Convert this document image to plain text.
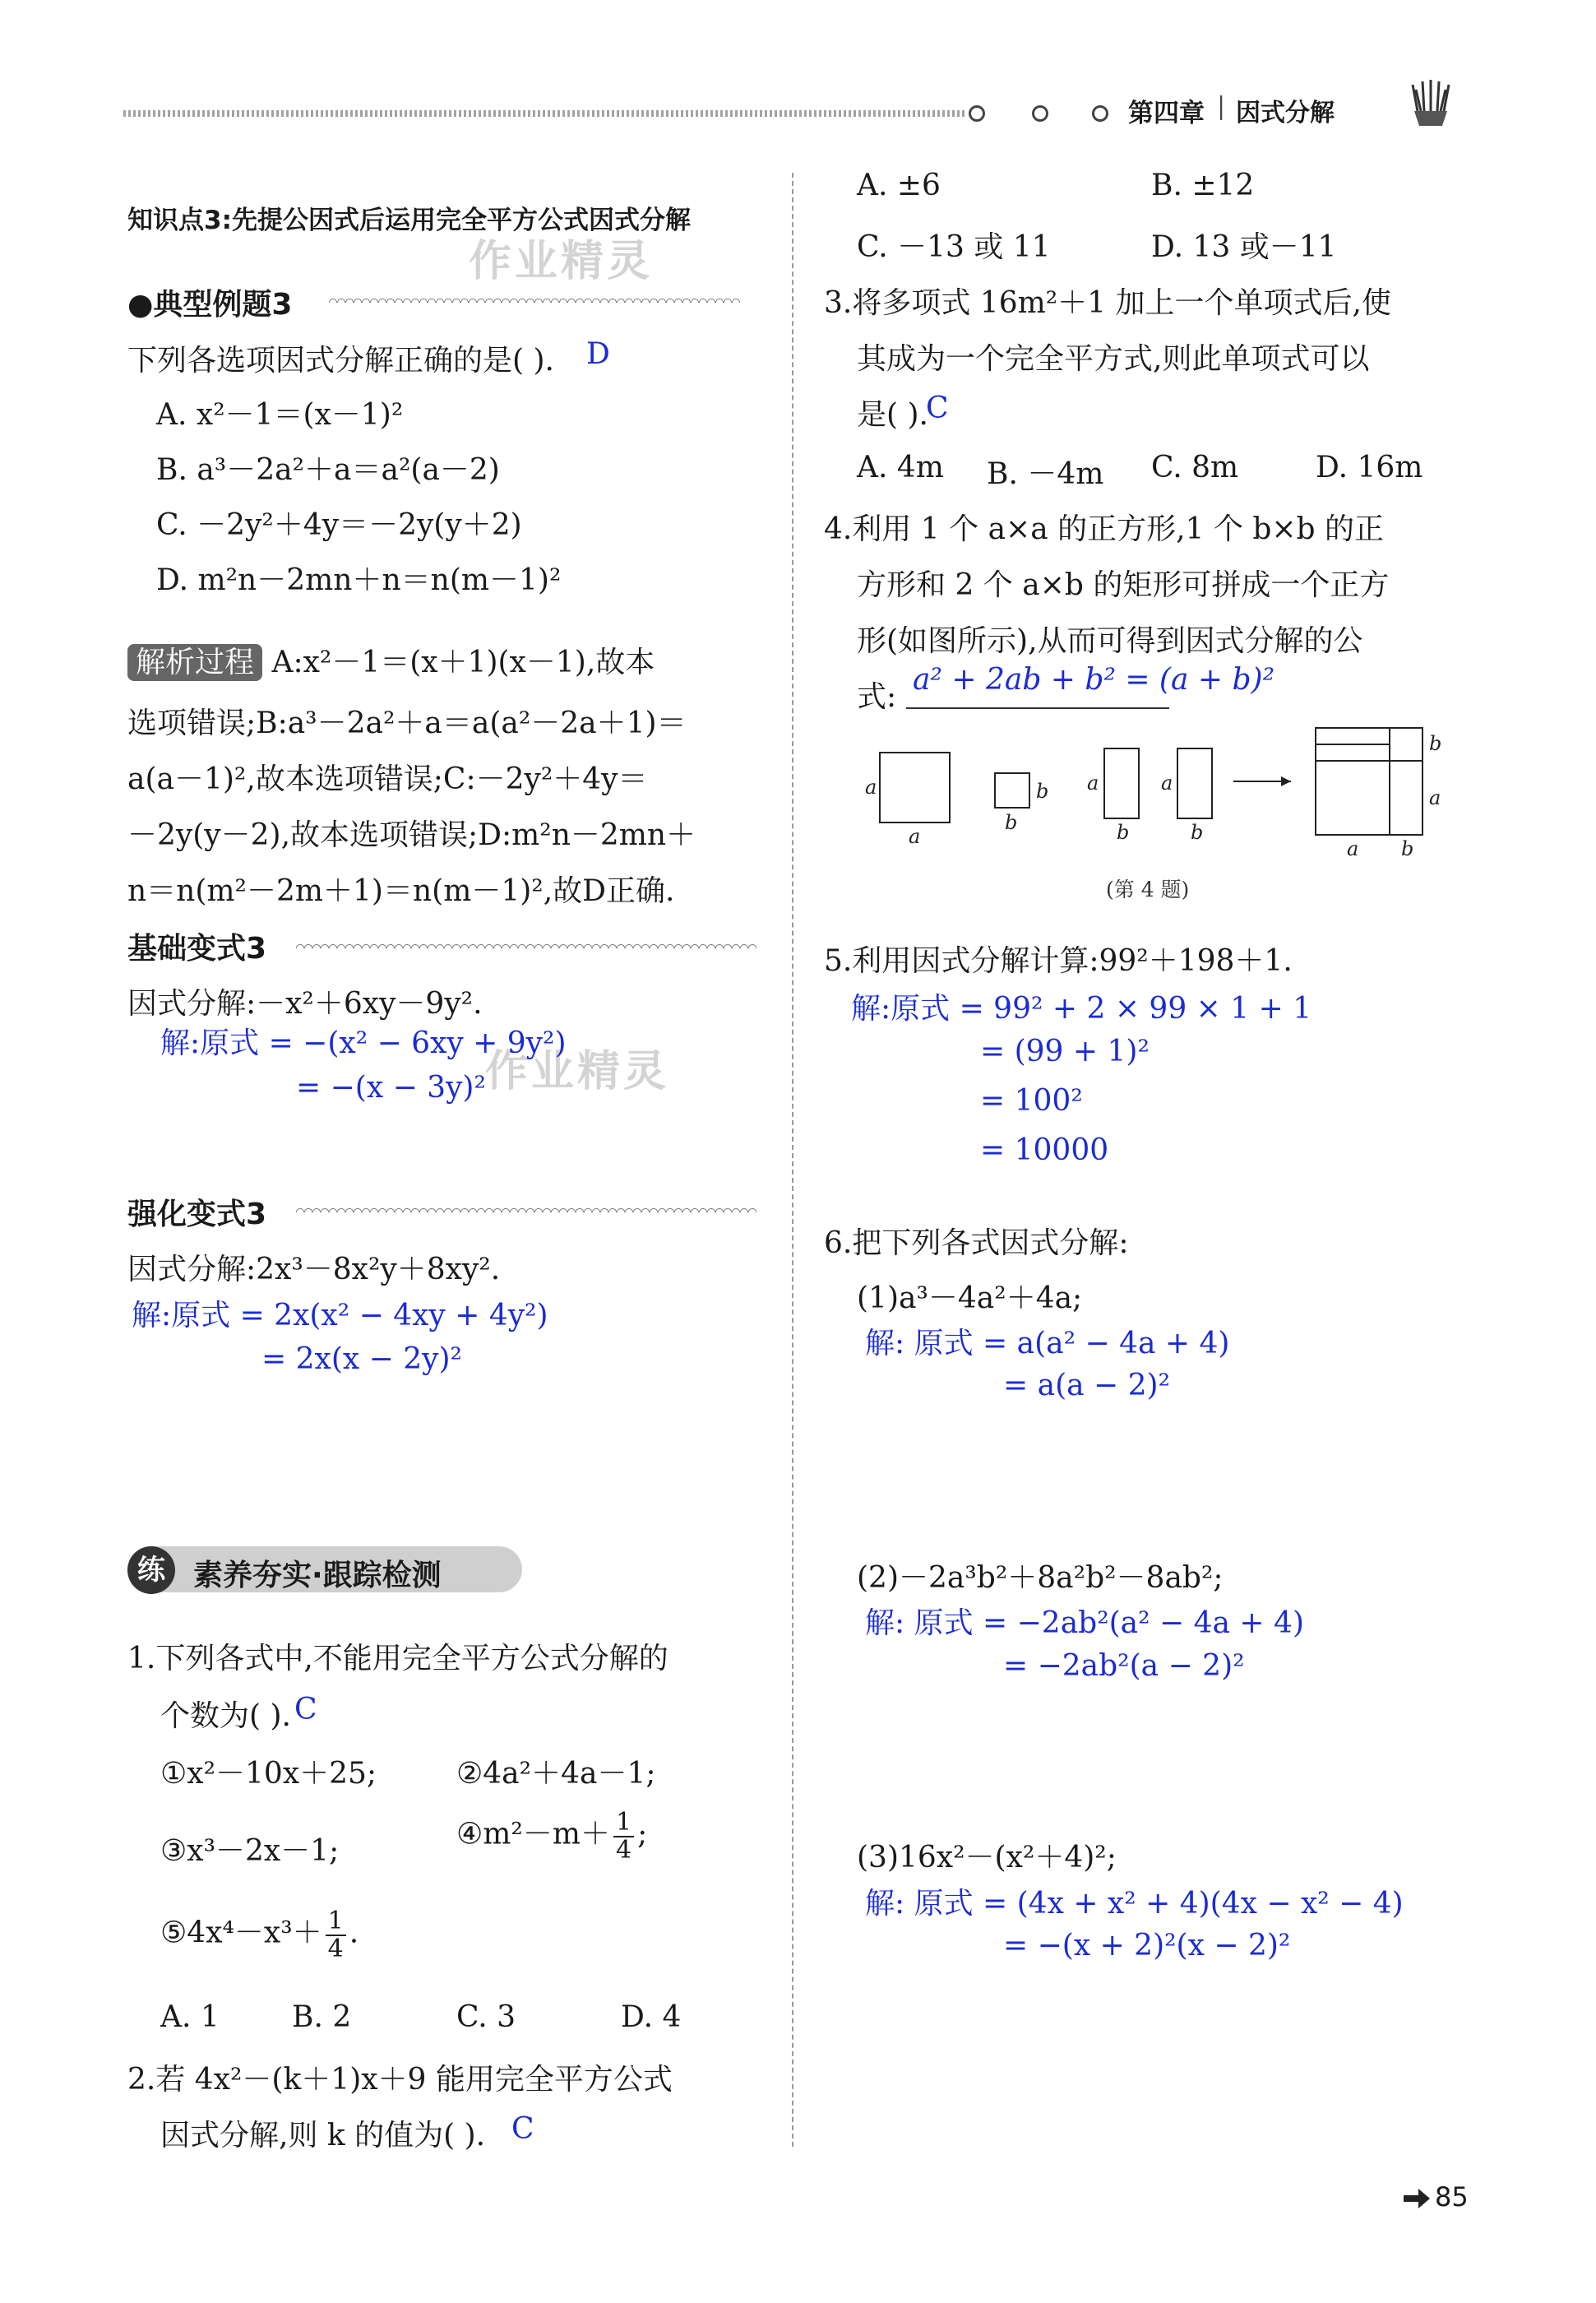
第四章 | 因式分解
作业精灵
作业精灵
知识点3:先提公因式后运用完全平方公式因式分解
●典型例题3
下列各选项因式分解正确的是( ). D
A. x²－1＝(x－1)²
B. a³－2a²＋a＝a²(a－2)
C. －2y²＋4y＝－2y(y＋2)
D. m²n－2mn＋n＝n(m－1)²
解析过程 A:x²－1＝(x＋1)(x－1),故本
选项错误;B:a³－2a²＋a＝a(a²－2a＋1)＝
a(a－1)²,故本选项错误;C:－2y²＋4y＝
－2y(y－2),故本选项错误;D:m²n－2mn＋
n＝n(m²－2m＋1)＝n(m－1)²,故D正确.
基础变式3
因式分解:－x²＋6xy－9y².
解:原式 = −(x² − 6xy + 9y²)
= −(x − 3y)²
强化变式3
因式分解:2x³－8x²y＋8xy².
解:原式 = 2x(x² − 4xy + 4y²)
= 2x(x − 2y)²
练 素养夯实·跟踪检测
1.下列各式中,不能用完全平方公式分解的
个数为( ). C
①x²－10x＋25;	②4a²＋4a－1;
③x³－2x－1;	④m²－m＋ $\frac{1}{4}$ ;
⑤4x⁴－x³＋ $\frac{1}{4}$ .
A. 1 B. 2	C. 3	D. 4
2.若 4x²－(k＋1)x＋9 能用完全平方公式
因式分解,则 k 的值为( ). C
A. ±6	B. ±12
C. －13 或 11	D. 13 或－11
3.将多项式 16m²＋1 加上一个单项式后,使
其成为一个完全平方式,则此单项式可以
是( ).
C
A. 4m B. －4m C. 8m	D. 16m
4.利用 1 个 a×a 的正方形,1 个 b×b 的正
方形和 2 个 a×b 的矩形可拼成一个正方
形(如图所示),从而可得到因式分解的公
式:
a² + 2ab + b² = (a + b)²
a
a
b
b
a
b
a
b
b
a
a b
(第 4 题)
5.利用因式分解计算:99²＋198＋1.
解:原式 = 99² + 2 × 99 × 1 + 1
= (99 + 1)²
= 100²
= 10000
6.把下列各式因式分解:
(1)a³－4a²＋4a;
解: 原式 = a(a² − 4a + 4)
= a(a − 2)²
(2)－2a³b²＋8a²b²－8ab²;
解: 原式 = −2ab²(a² − 4a + 4)
= −2ab²(a − 2)²
(3)16x²－(x²＋4)²;
解: 原式 = (4x + x² + 4)(4x − x² − 4)
= −(x + 2)²(x − 2)²
85
